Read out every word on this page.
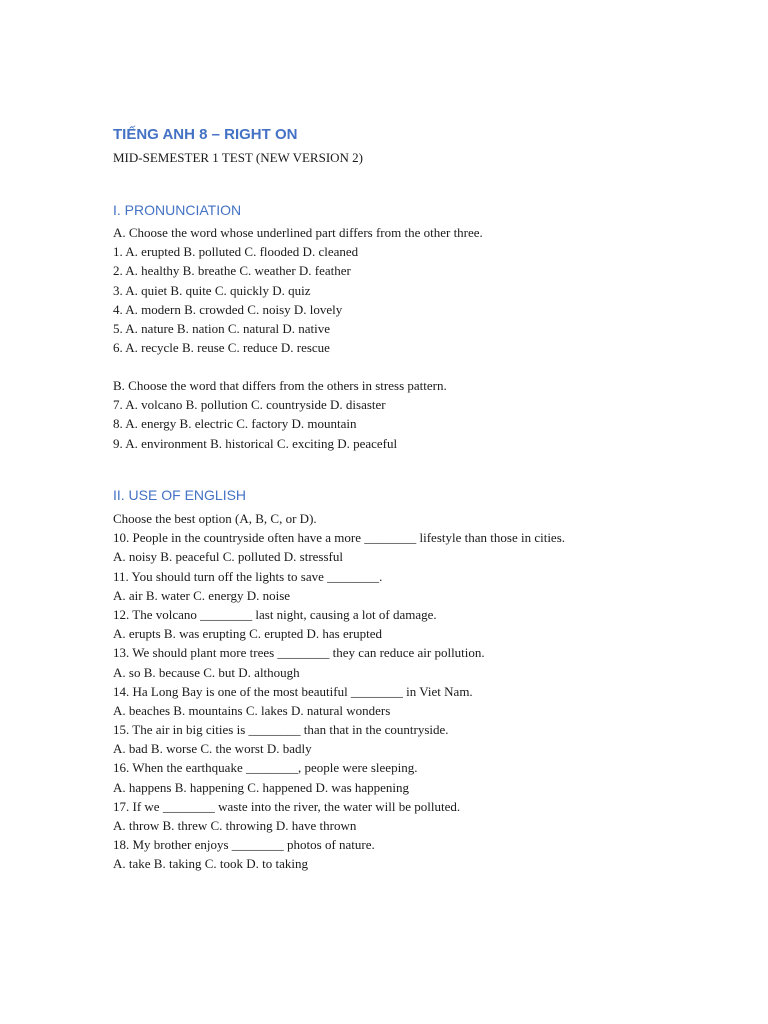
TIẾNG ANH 8 – RIGHT ON
MID-SEMESTER 1 TEST (NEW VERSION 2)
I. PRONUNCIATION
A. Choose the word whose underlined part differs from the other three.
1. A. erupted B. polluted C. flooded D. cleaned
2. A. healthy B. breathe C. weather D. feather
3. A. quiet B. quite C. quickly D. quiz
4. A. modern B. crowded C. noisy D. lovely
5. A. nature B. nation C. natural D. native
6. A. recycle B. reuse C. reduce D. rescue
B. Choose the word that differs from the others in stress pattern.
7. A. volcano B. pollution C. countryside D. disaster
8. A. energy B. electric C. factory D. mountain
9. A. environment B. historical C. exciting D. peaceful
II. USE OF ENGLISH
Choose the best option (A, B, C, or D).
10. People in the countryside often have a more ________ lifestyle than those in cities.
A. noisy B. peaceful C. polluted D. stressful
11. You should turn off the lights to save ________.
A. air B. water C. energy D. noise
12. The volcano ________ last night, causing a lot of damage.
A. erupts B. was erupting C. erupted D. has erupted
13. We should plant more trees ________ they can reduce air pollution.
A. so B. because C. but D. although
14. Ha Long Bay is one of the most beautiful ________ in Viet Nam.
A. beaches B. mountains C. lakes D. natural wonders
15. The air in big cities is ________ than that in the countryside.
A. bad B. worse C. the worst D. badly
16. When the earthquake ________, people were sleeping.
A. happens B. happening C. happened D. was happening
17. If we ________ waste into the river, the water will be polluted.
A. throw B. threw C. throwing D. have thrown
18. My brother enjoys ________ photos of nature.
A. take B. taking C. took D. to taking
